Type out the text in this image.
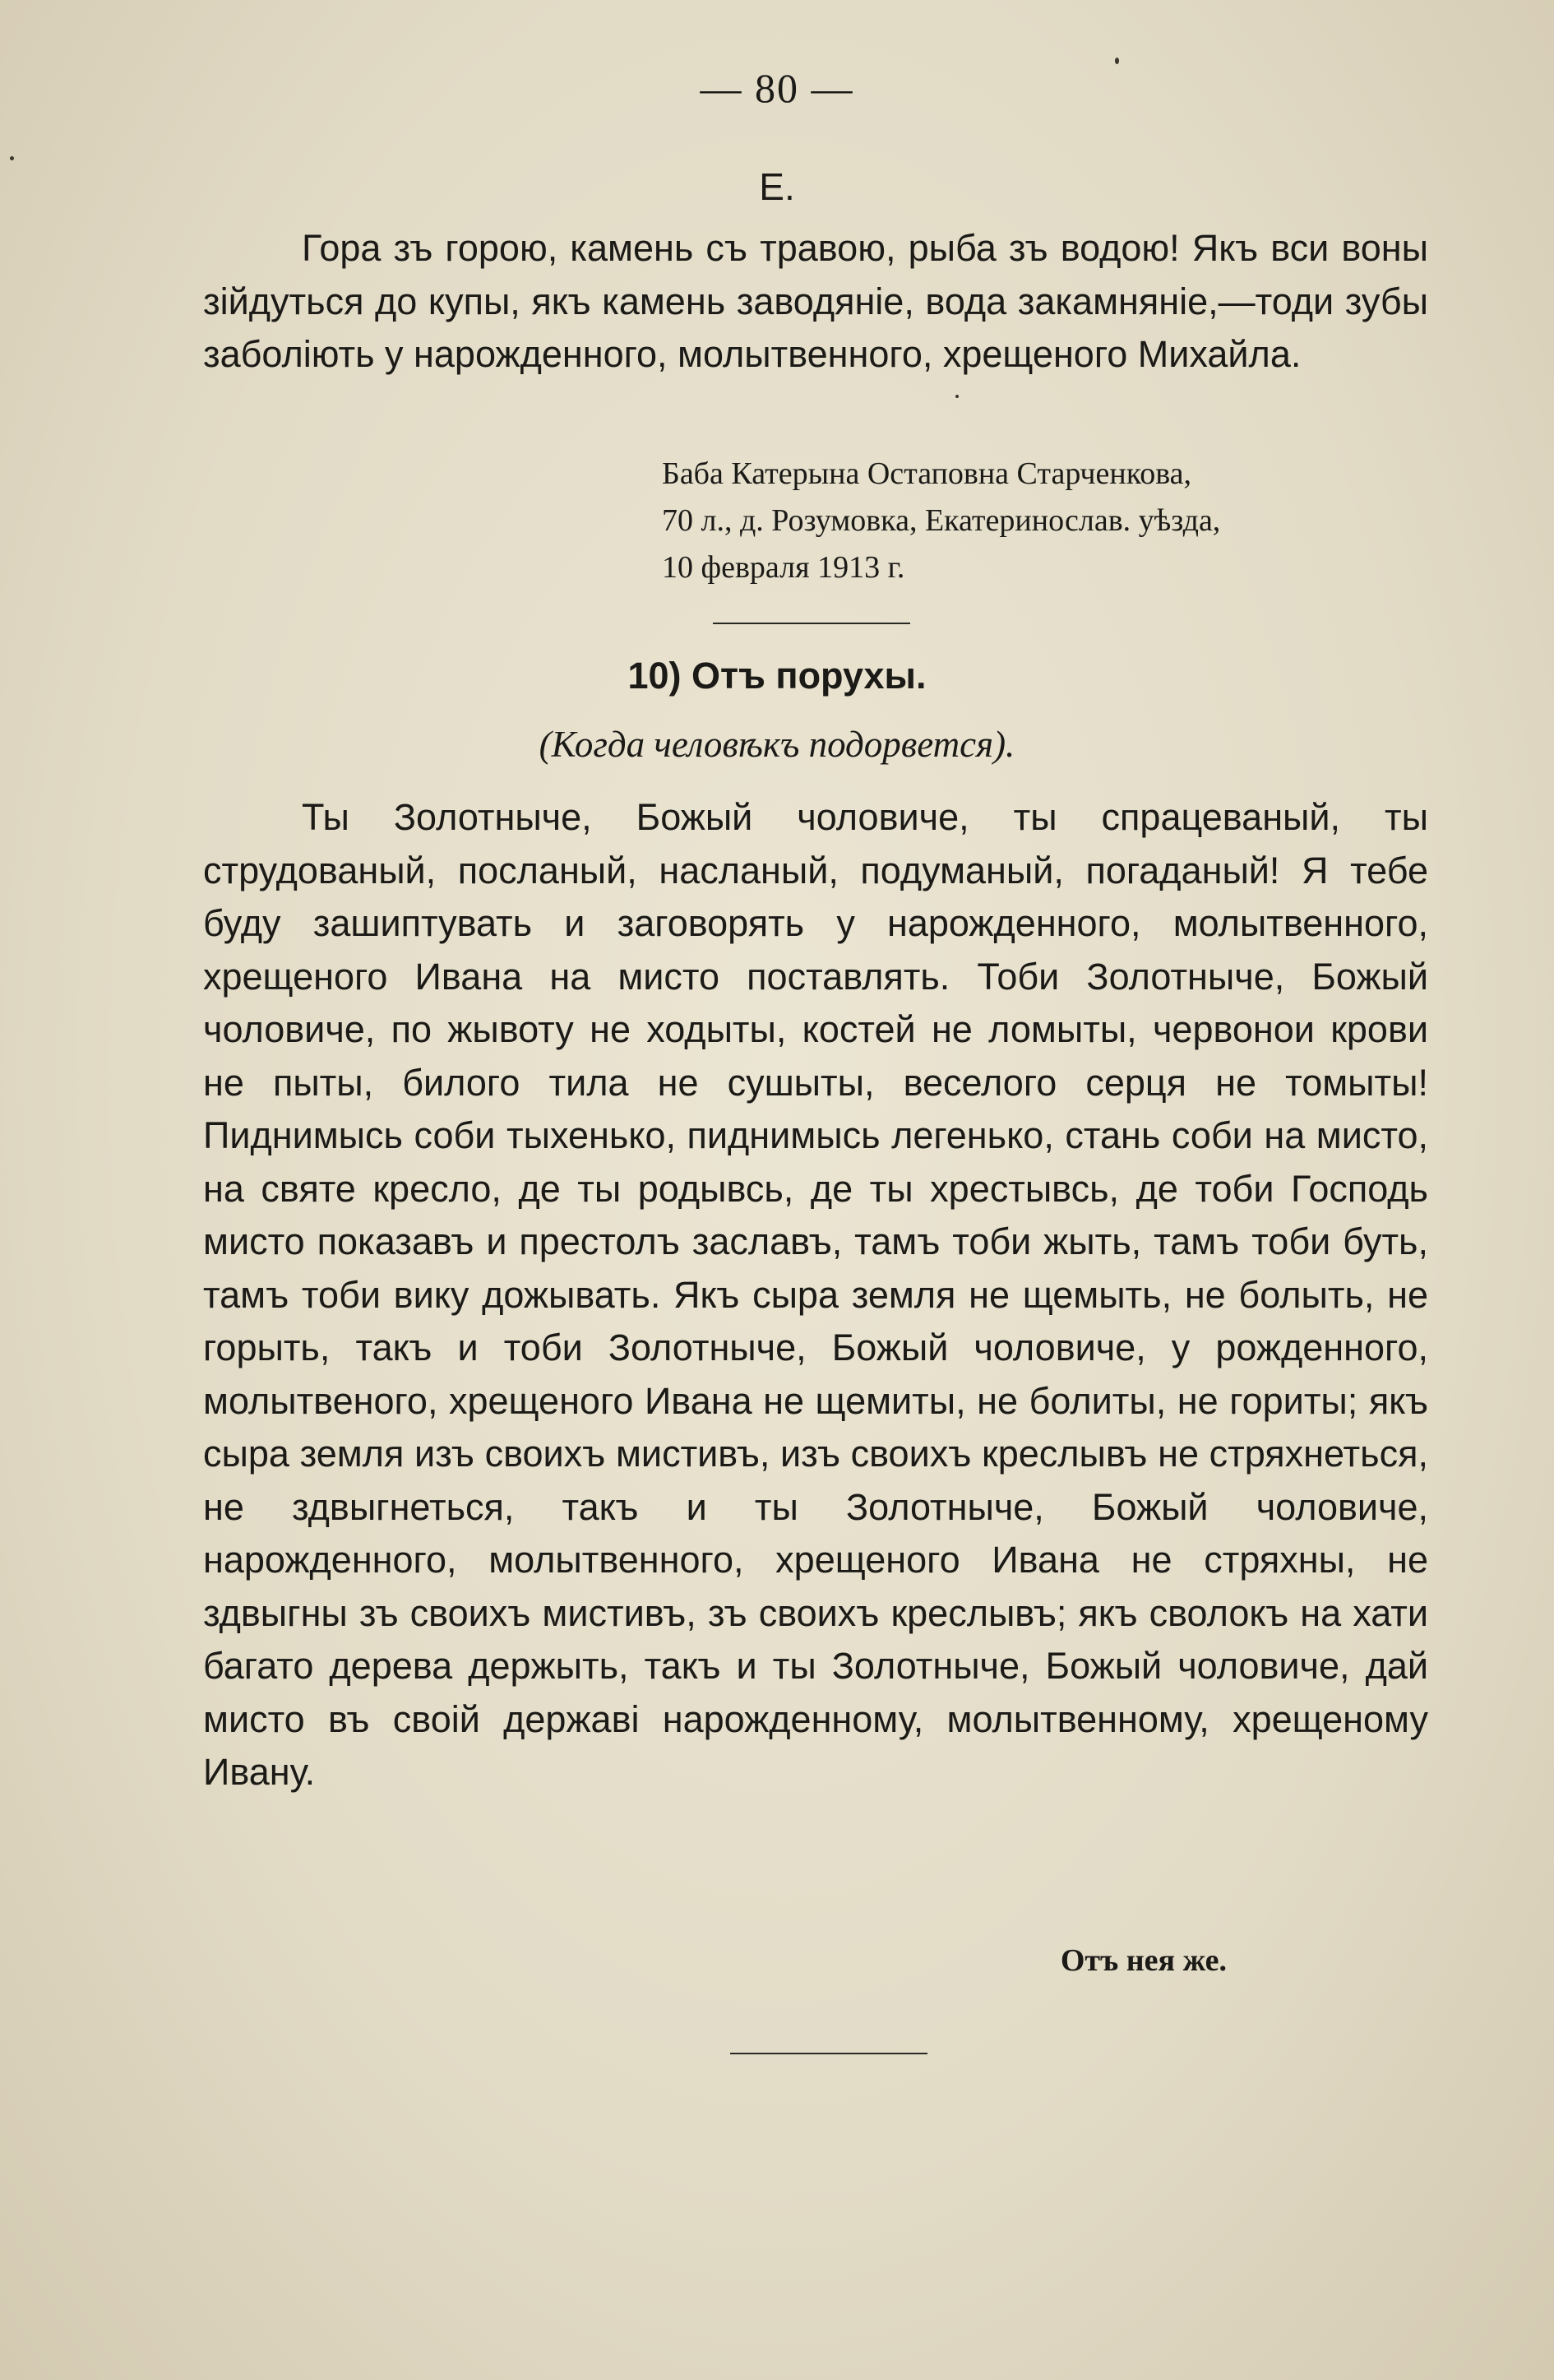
— 80 —
Е.

Гора зъ горою, камень съ травою, рыба зъ водою! Якъ вси воны зійдуться до купы, якъ камень заводяніе, вода закамняніе,—тоди зубы заболіють у нарожденного, молытвенного, хрещеного Михайла.

Баба Катерына Остаповна Старченкова,
70 л., д. Розумовка, Екатеринослав. уѣзда,
10 февраля 1913 г.
10) Отъ порухы.
(Когда человѣкъ подорвется).

Ты Золотныче, Божый чоловиче, ты спрацеваный, ты струдованый, посланый, насланый, подуманый, погаданый! Я тебе буду зашиптувать и заговорять у нарожденного, молытвенного, хрещеного Ивана на мисто поставлять. Тоби Золотныче, Божый чоловиче, по жывоту не ходыты, костей не ломыты, червонои крови не пыты, билого тила не сушыты, веселого серця не томыты! Пиднимысь соби тыхенько, пиднимысь легенько, стань соби на мисто, на святе кресло, де ты родывсь, де ты хрестывсь, де тоби Господь мисто показавъ и престолъ заславъ, тамъ тоби жыть, тамъ тоби буть, тамъ тоби вику дожывать. Якъ сыра земля не щемыть, не болыть, не горыть, такъ и тоби Золотныче, Божый чоловиче, у рожденного, молытвеного, хрещеного Ивана не щемиты, не болиты, не гориты; якъ сыра земля изъ своихъ мистивъ, изъ своихъ креслывъ не стряхнеться, не здвыгнеться, такъ и ты Золотныче, Божый чоловиче, нарожденного, молытвенного, хрещеного Ивана не стряхны, не здвыгны зъ своихъ мистивъ, зъ своихъ креслывъ; якъ сволокъ на хати багато дерева держыть, такъ и ты Золотныче, Божый чоловиче, дай мисто въ своій державі нарожденному, молытвенному, хрещеному Ивану.

Отъ нея же.
